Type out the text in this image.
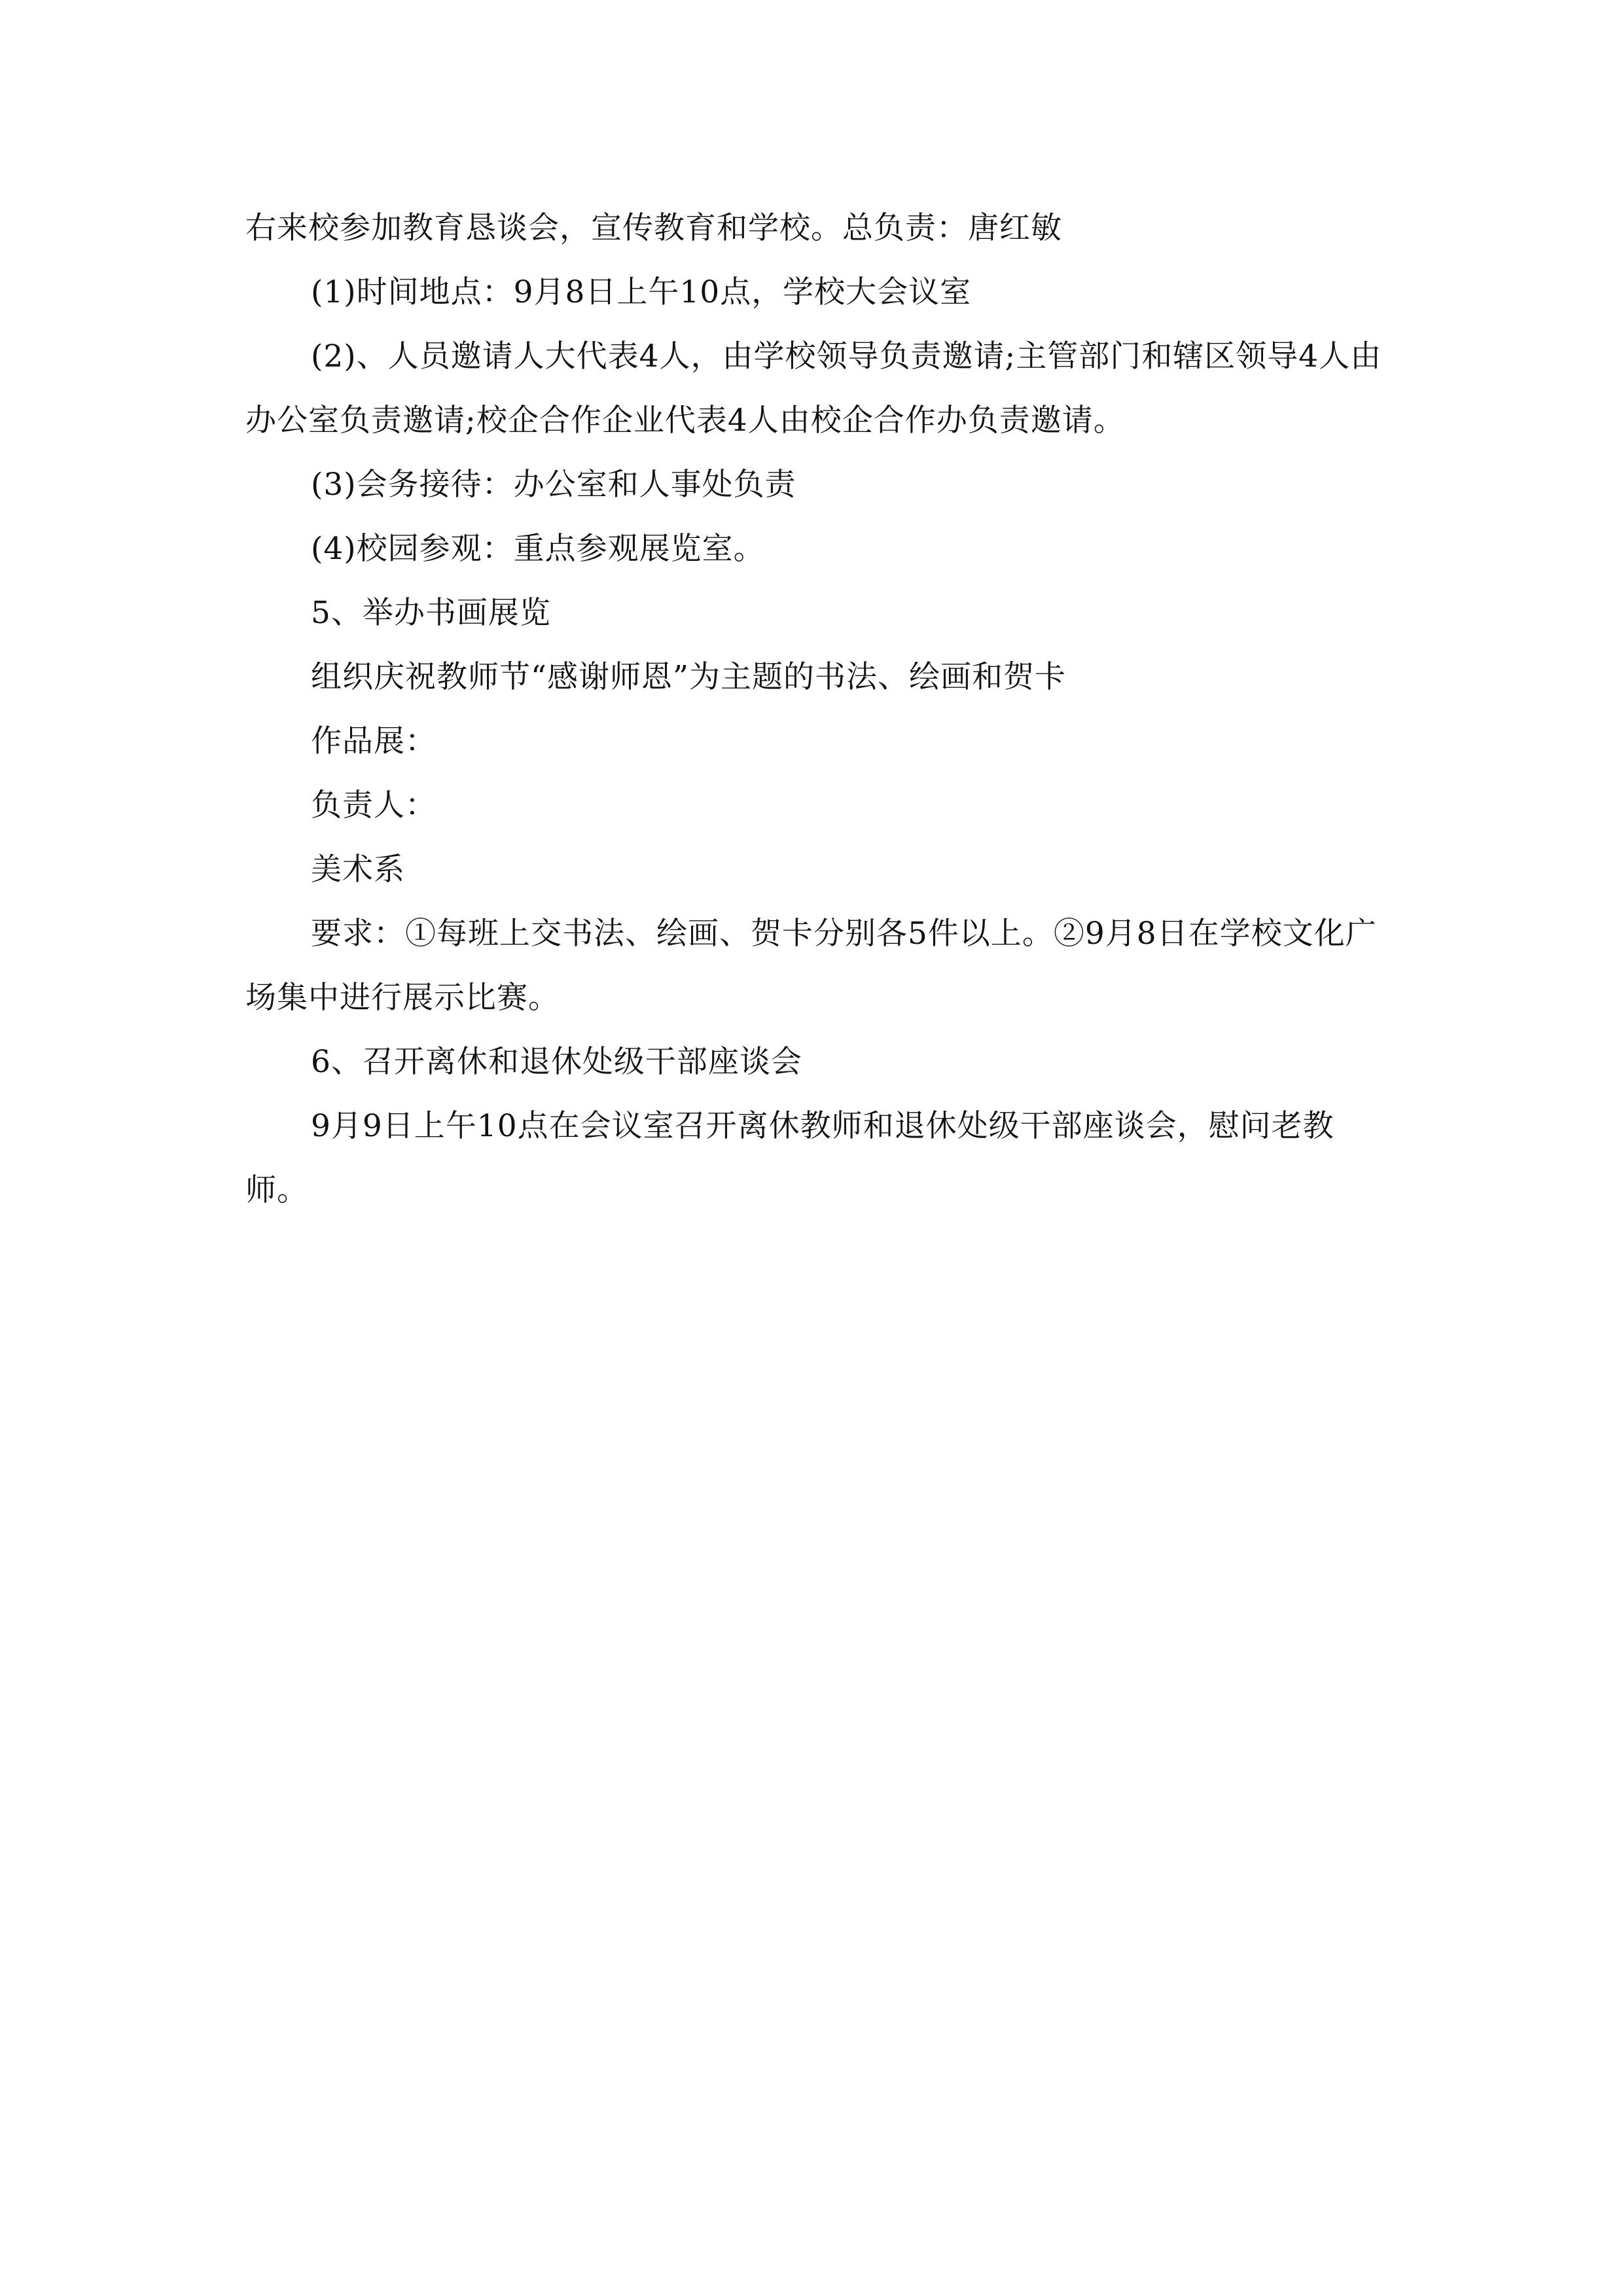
右来校参加教育恳谈会，宣传教育和学校。总负责：唐红敏

(1)时间地点：9月8日上午10点，学校大会议室

(2)、人员邀请人大代表4人，由学校领导负责邀请;主管部门和辖区领导4人由办公室负责邀请;校企合作企业代表4人由校企合作办负责邀请。

(3)会务接待：办公室和人事处负责

(4)校园参观：重点参观展览室。

5、举办书画展览

组织庆祝教师节“感谢师恩”为主题的书法、绘画和贺卡

作品展：

负责人：

美术系

要求：①每班上交书法、绘画、贺卡分别各5件以上。②9月8日在学校文化广场集中进行展示比赛。

6、召开离休和退休处级干部座谈会

9月9日上午10点在会议室召开离休教师和退休处级干部座谈会，慰问老教师。
